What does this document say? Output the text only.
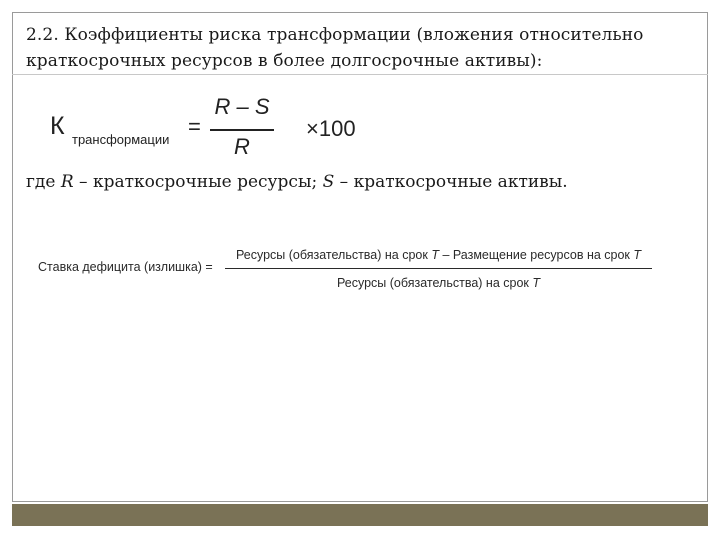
2.2. Коэффициенты риска трансформации (вложения относительно краткосрочных ресурсов в более долгосрочные активы):
К трансформации
=
R – S
R
×100
где R – краткосрочные ресурсы; S – краткосрочные активы.
Ставка дефицита (излишка) =
Ресурсы (обязательства) на срок Т – Размещение ресурсов на срок Т
Ресурсы (обязательства) на срок Т
